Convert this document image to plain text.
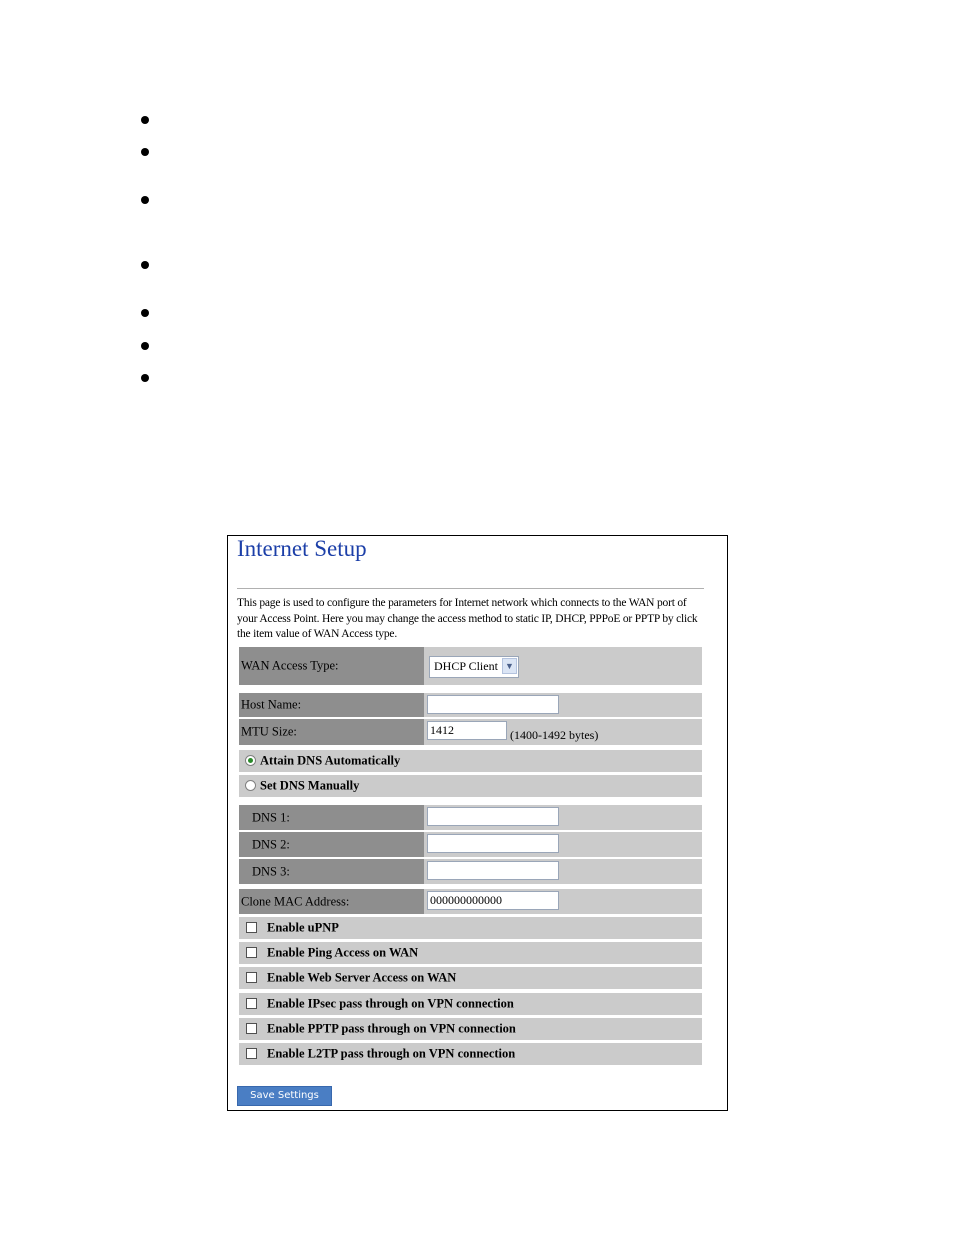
Internet Setup
This page is used to configure the parameters for Internet network which connects to the WAN port of your Access Point. Here you may change the access method to static IP, DHCP, PPPoE or PPTP by click the item value of WAN Access type.
WAN Access Type:	DHCP Client ▼
Host Name:
MTU Size:	1412	(1400-1492 bytes)
Attain DNS Automatically
Set DNS Manually
DNS 1:
DNS 2:
DNS 3:
Clone MAC Address:	000000000000
Enable uPNP
Enable Ping Access on WAN
Enable Web Server Access on WAN
Enable IPsec pass through on VPN connection
Enable PPTP pass through on VPN connection
Enable L2TP pass through on VPN connection
Save Settings
